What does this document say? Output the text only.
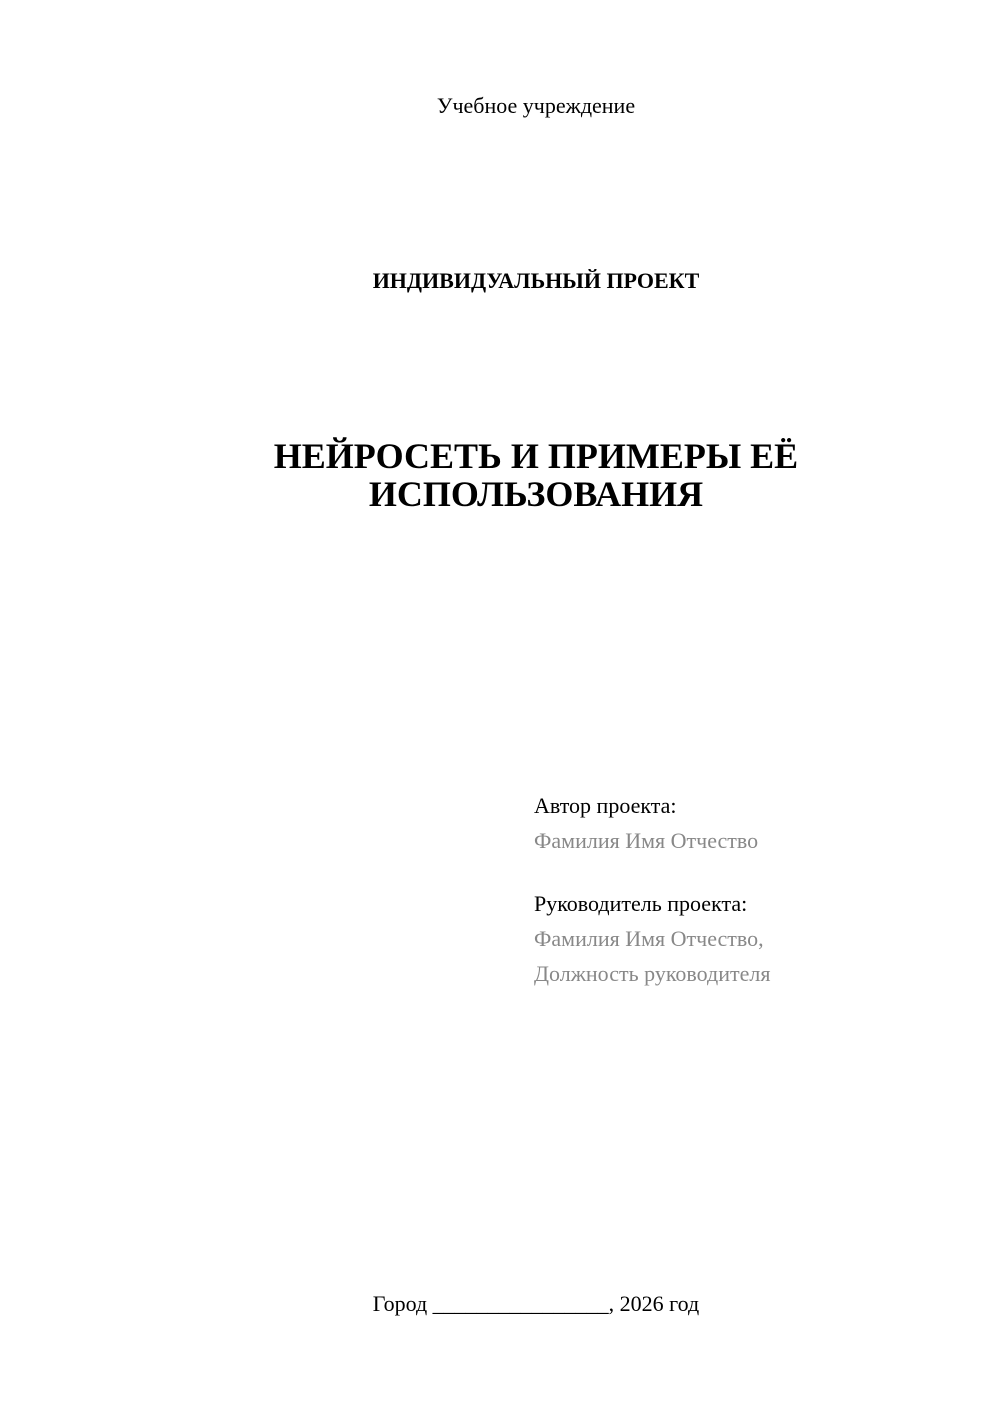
Учебное учреждение
ИНДИВИДУАЛЬНЫЙ ПРОЕКТ
НЕЙРОСЕТЬ И ПРИМЕРЫ ЕЁ
ИСПОЛЬЗОВАНИЯ
Автор проекта:
Фамилия Имя Отчество
Руководитель проекта:
Фамилия Имя Отчество,
Должность руководителя
Город ________________, 2026 год
